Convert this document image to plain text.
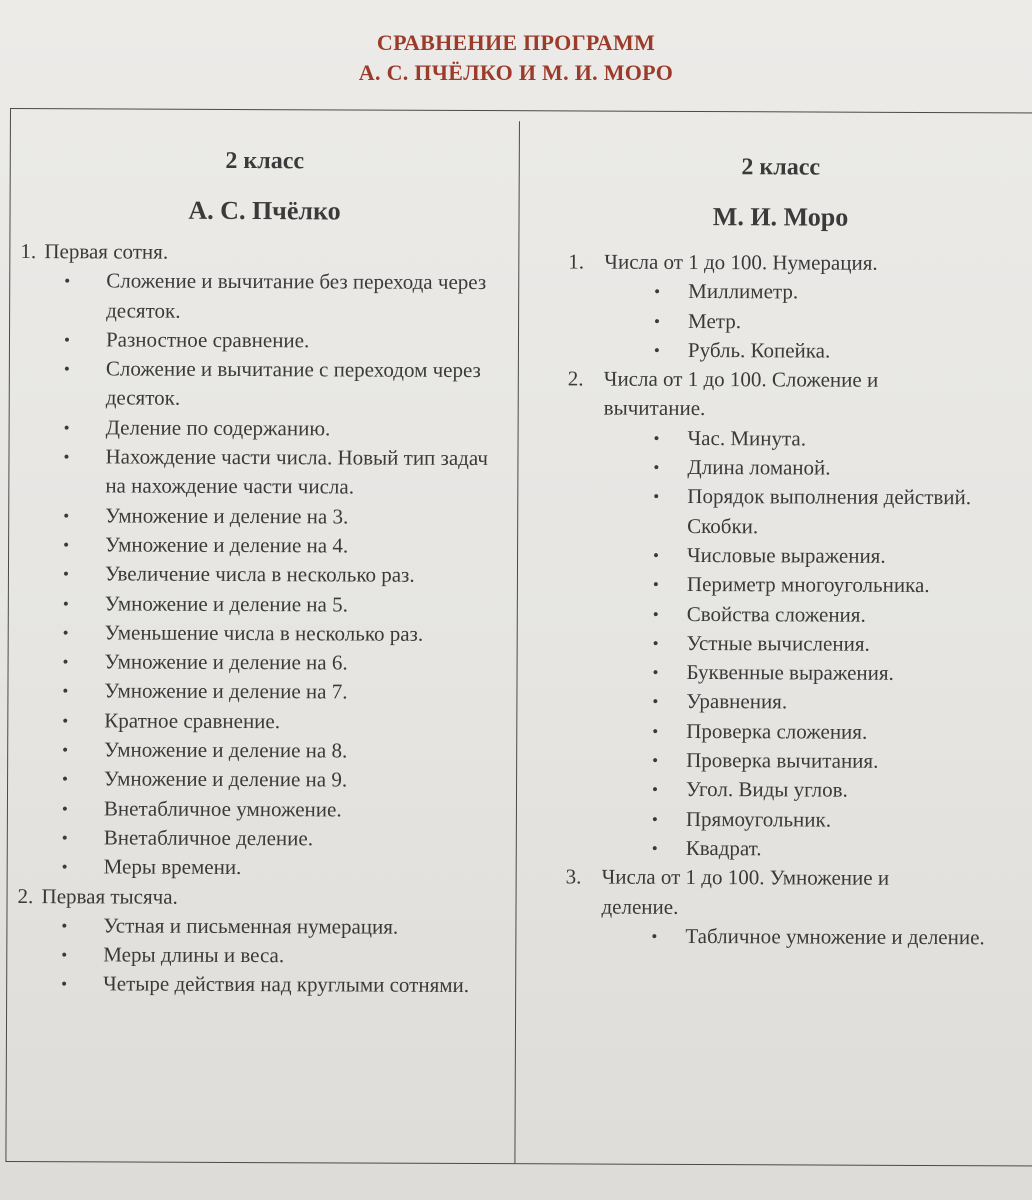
СРАВНЕНИЕ ПРОГРАММ
А. С. ПЧЁЛКО И М. И. МОРО
2 класс
А. С. Пчёлко
1. Первая сотня.
• Сложение и вычитание без перехода через десяток.
• Разностное сравнение.
• Сложение и вычитание с переходом через десяток.
• Деление по содержанию.
• Нахождение части числа. Новый тип задач на нахождение части числа.
• Умножение и деление на 3.
• Умножение и деление на 4.
• Увеличение числа в несколько раз.
• Умножение и деление на 5.
• Уменьшение числа в несколько раз.
• Умножение и деление на 6.
• Умножение и деление на 7.
• Кратное сравнение.
• Умножение и деление на 8.
• Умножение и деление на 9.
• Внетабличное умножение.
• Внетабличное деление.
• Меры времени.
2. Первая тысяча.
• Устная и письменная нумерация.
• Меры длины и веса.
• Четыре действия над круглыми сотнями.
2 класс
М. И. Моро
1. Числа от 1 до 100. Нумерация.
• Миллиметр.
• Метр.
• Рубль. Копейка.
2. Числа от 1 до 100. Сложение и вычитание.
• Час. Минута.
• Длина ломаной.
• Порядок выполнения действий. Скобки.
• Числовые выражения.
• Периметр многоугольника.
• Свойства сложения.
• Устные вычисления.
• Буквенные выражения.
• Уравнения.
• Проверка сложения.
• Проверка вычитания.
• Угол. Виды углов.
• Прямоугольник.
• Квадрат.
3. Числа от 1 до 100. Умножение и деление.
• Табличное умножение и деление.
